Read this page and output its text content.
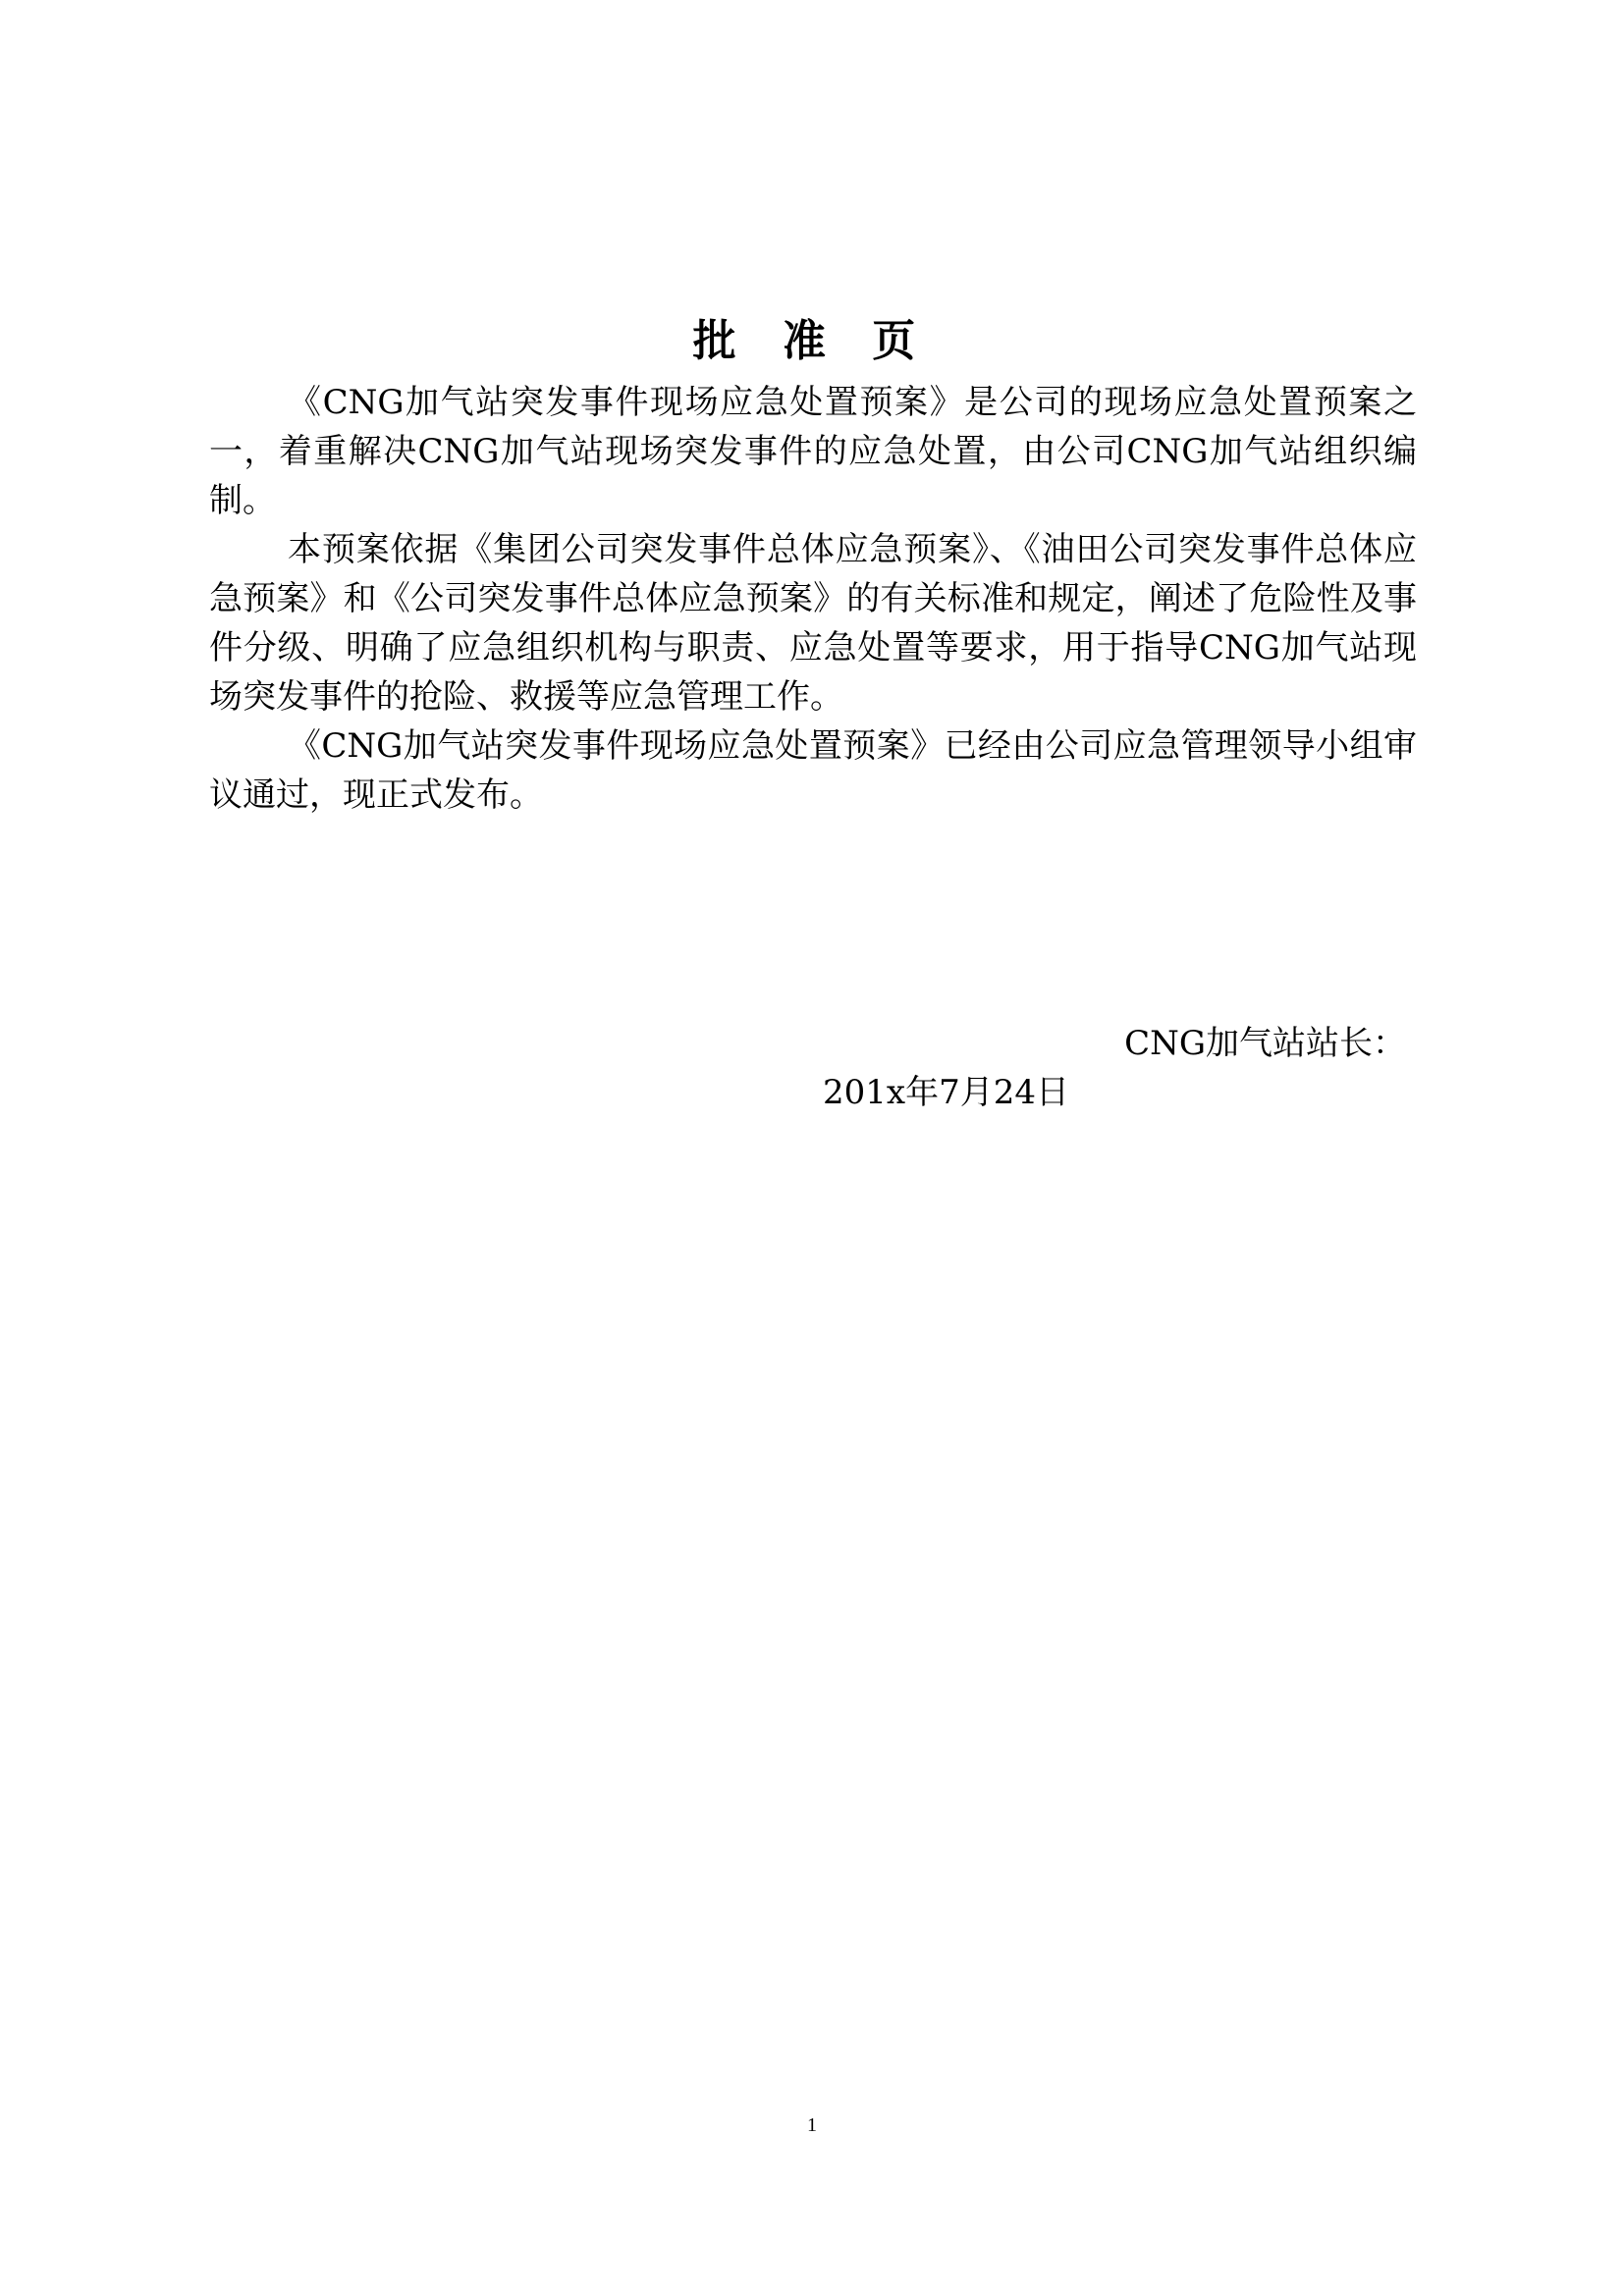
批 准 页

《CNG加气站突发事件现场应急处置预案》是公司的现场应急处置预案之一，着重解决CNG加气站现场突发事件的应急处置，由公司CNG加气站组织编制。

本预案依据《集团公司突发事件总体应急预案》、《油田公司突发事件总体应急预案》和《公司突发事件总体应急预案》的有关标准和规定，阐述了危险性及事件分级、明确了应急组织机构与职责、应急处置等要求，用于指导CNG加气站现场突发事件的抢险、救援等应急管理工作。

《CNG加气站突发事件现场应急处置预案》已经由公司应急管理领导小组审议通过，现正式发布。

CNG加气站站长：
201x年7月24日
1
